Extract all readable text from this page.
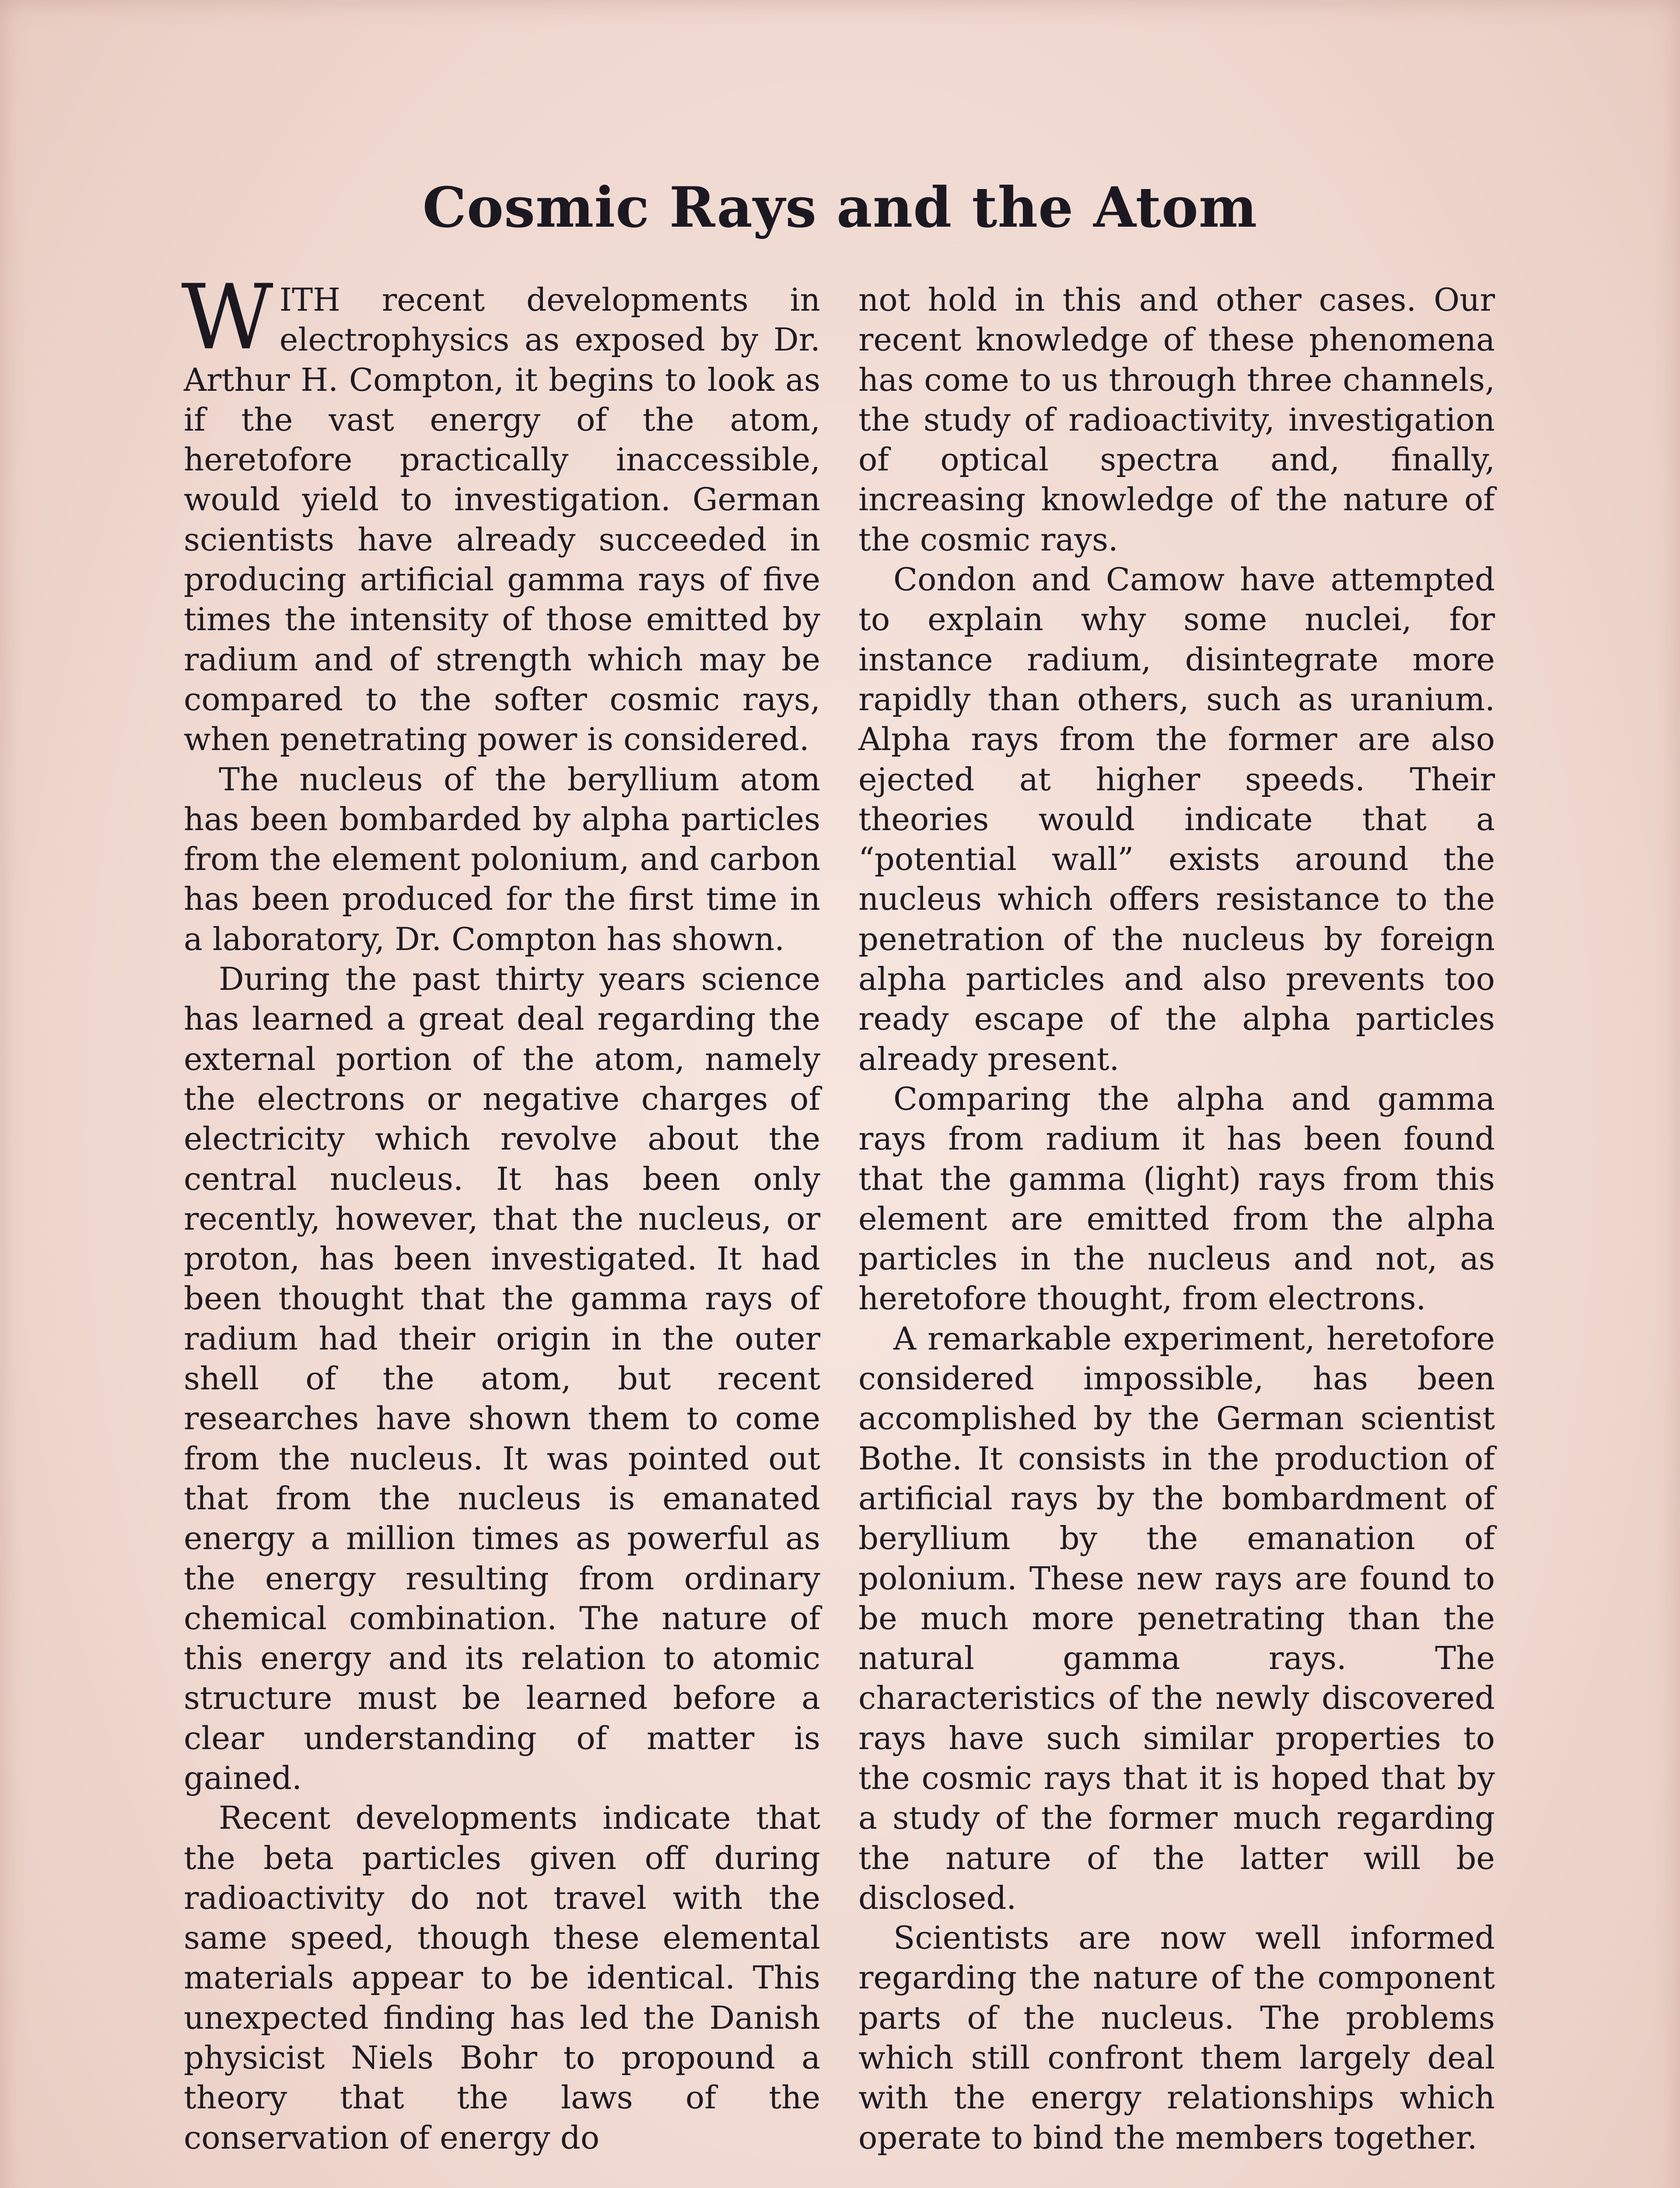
Cosmic Rays and the Atom

WITH recent developments in electrophysics as exposed by Dr. Arthur H. Compton, it begins to look as if the vast energy of the atom, heretofore practically inaccessible, would yield to investigation. German scientists have already succeeded in producing artificial gamma rays of five times the intensity of those emitted by radium and of strength which may be compared to the softer cosmic rays, when penetrating power is considered.

The nucleus of the beryllium atom has been bombarded by alpha particles from the element polonium, and carbon has been produced for the first time in a laboratory, Dr. Compton has shown.

During the past thirty years science has learned a great deal regarding the external portion of the atom, namely the electrons or negative charges of electricity which revolve about the central nucleus. It has been only recently, however, that the nucleus, or proton, has been investigated. It had been thought that the gamma rays of radium had their origin in the outer shell of the atom, but recent researches have shown them to come from the nucleus. It was pointed out that from the nucleus is emanated energy a million times as powerful as the energy resulting from ordinary chemical combination. The nature of this energy and its relation to atomic structure must be learned before a clear understanding of matter is gained.

Recent developments indicate that the beta particles given off during radioactivity do not travel with the same speed, though these elemental materials appear to be identical. This unexpected finding has led the Danish physicist Niels Bohr to propound a theory that the laws of the conservation of energy do

not hold in this and other cases. Our recent knowledge of these phenomena has come to us through three channels, the study of radioactivity, investigation of optical spectra and, finally, increasing knowledge of the nature of the cosmic rays.

Condon and Camow have attempted to explain why some nuclei, for instance radium, disintegrate more rapidly than others, such as uranium. Alpha rays from the former are also ejected at higher speeds. Their theories would indicate that a “potential wall” exists around the nucleus which offers resistance to the penetration of the nucleus by foreign alpha particles and also prevents too ready escape of the alpha particles already present.

Comparing the alpha and gamma rays from radium it has been found that the gamma (light) rays from this element are emitted from the alpha particles in the nucleus and not, as heretofore thought, from electrons.

A remarkable experiment, heretofore considered impossible, has been accomplished by the German scientist Bothe. It consists in the production of artificial rays by the bombardment of beryllium by the emanation of polonium. These new rays are found to be much more penetrating than the natural gamma rays. The characteristics of the newly discovered rays have such similar properties to the cosmic rays that it is hoped that by a study of the former much regarding the nature of the latter will be disclosed.

Scientists are now well informed regarding the nature of the component parts of the nucleus. The problems which still confront them largely deal with the energy relationships which operate to bind the members together.
